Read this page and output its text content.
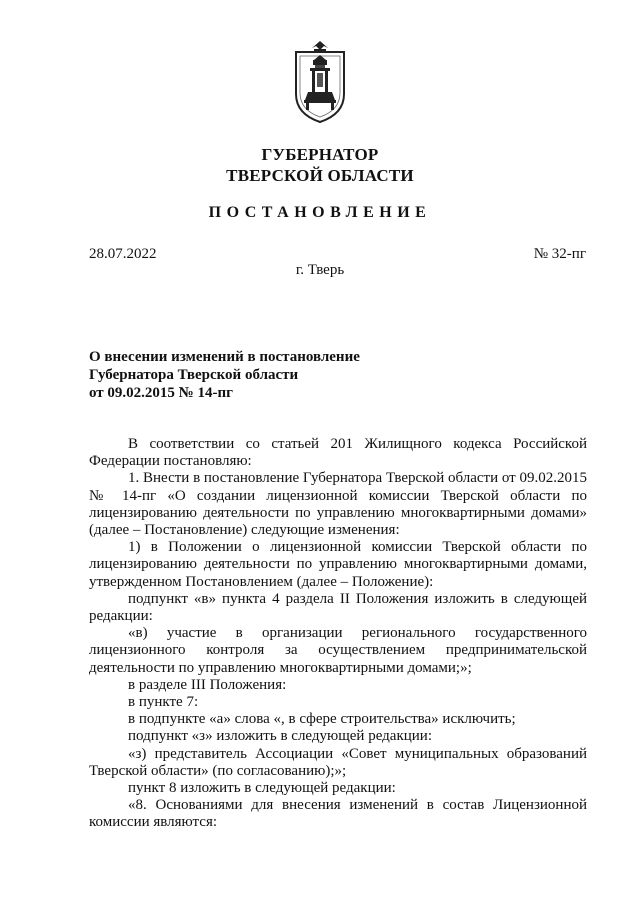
ГУБЕРНАТОР
ТВЕРСКОЙ ОБЛАСТИ
ПОСТАНОВЛЕНИЕ
28.07.2022	№ 32-пг
г. Тверь
О внесении изменений в постановление
Губернатора Тверской области
от 09.02.2015 № 14-пг

В соответствии со статьей 201 Жилищного кодекса Российской Федерации постановляю:

1. Внести в постановление Губернатора Тверской области от 09.02.2015 № 14-пг «О создании лицензионной комиссии Тверской области по лицензированию деятельности по управлению многоквартирными домами» (далее – Постановление) следующие изменения:

1) в Положении о лицензионной комиссии Тверской области по лицензированию деятельности по управлению многоквартирными домами, утвержденном Постановлением (далее – Положение):

подпункт «в» пункта 4 раздела II Положения изложить в следующей редакции:

«в) участие в организации регионального государственного лицензионного контроля за осуществлением предпринимательской деятельности по управлению многоквартирными домами;»;

в разделе III Положения:

в пункте 7:

в подпункте «а» слова «, в сфере строительства» исключить;

подпункт «з» изложить в следующей редакции:

«з) представитель Ассоциации «Совет муниципальных образований Тверской области» (по согласованию);»;

пункт 8 изложить в следующей редакции:

«8. Основаниями для внесения изменений в состав Лицензионной комиссии являются:
